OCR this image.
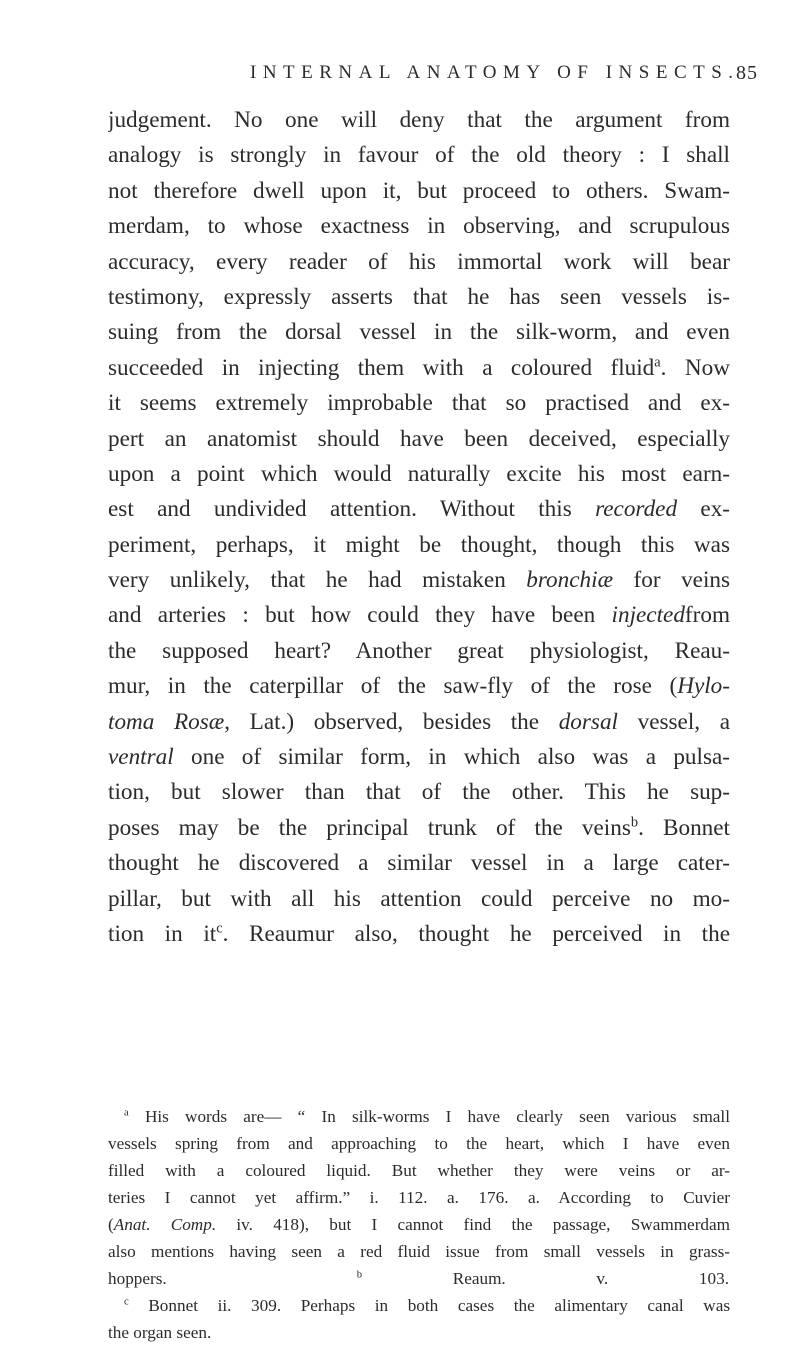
INTERNAL ANATOMY OF INSECTS.
85
judgement. No one will deny that the argument from
analogy is strongly in favour of the old theory : I shall
not therefore dwell upon it, but proceed to others. Swam-
merdam, to whose exactness in observing, and scrupulous
accuracy, every reader of his immortal work will bear
testimony, expressly asserts that he has seen vessels is-
suing from the dorsal vessel in the silk-worm, and even
succeeded in injecting them with a coloured fluid$^a$. Now
it seems extremely improbable that so practised and ex-
pert an anatomist should have been deceived, especially
upon a point which would naturally excite his most earn-
est and undivided attention. Without this recorded ex-
periment, perhaps, it might be thought, though this was
very unlikely, that he had mistaken bronchiæ for veins
and arteries : but how could they have been injectedfrom
the supposed heart? Another great physiologist, Reau-
mur, in the caterpillar of the saw-fly of the rose (Hylo-
toma Rosæ, Lat.) observed, besides the dorsal vessel, a
ventral one of similar form, in which also was a pulsa-
tion, but slower than that of the other. This he sup-
poses may be the principal trunk of the veins$^b$. Bonnet
thought he discovered a similar vessel in a large cater-
pillar, but with all his attention could perceive no mo-
tion in $it^c$. Reaumur also, thought he perceived in the
$^a$ His words are— “ In silk-worms I have clearly seen various small
vessels spring from and approaching to the heart, which I have even
filled with a coloured liquid. But whether they were veins or ar-
teries I cannot yet affirm.” i. 112. a. 176. a. According to Cuvier
(Anat. Comp. iv. 418), but I cannot find the passage, Swammerdam
also mentions having seen a red fluid issue from small vessels in grass-
hoppers.	$^b$	Reaum. v. 103.
$^c$ Bonnet ii. 309. Perhaps in both cases the alimentary canal was
the organ seen.
